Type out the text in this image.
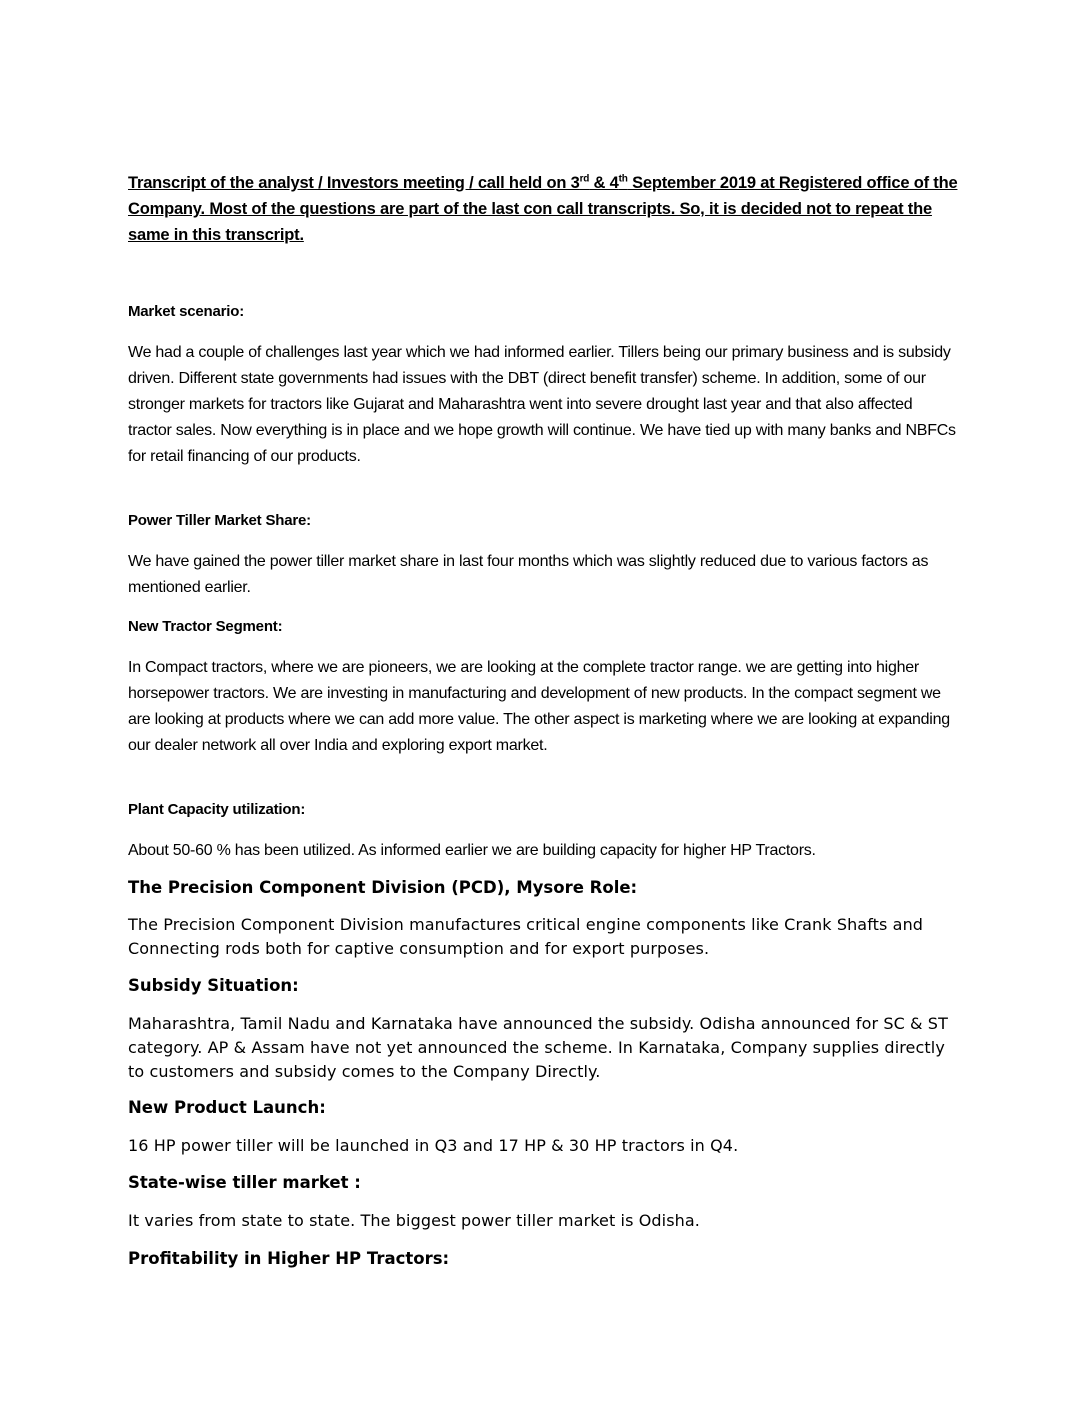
Transcript of the analyst / Investors meeting / call held on 3rd & 4th September 2019 at Registered office of the Company. Most of the questions are part of the last con call transcripts. So, it is decided not to repeat the same in this transcript.
Market scenario:
We had a couple of challenges last year which we had informed earlier. Tillers being our primary business and is subsidy driven. Different state governments had issues with the DBT (direct benefit transfer) scheme. In addition, some of our stronger markets for tractors like Gujarat and Maharashtra went into severe drought last year and that also affected tractor sales. Now everything is in place and we hope growth will continue. We have tied up with many banks and NBFCs for retail financing of our products.
Power Tiller Market Share:
We have gained the power tiller market share in last four months which was slightly reduced due to various factors as mentioned earlier.
New Tractor Segment:
In Compact tractors, where we are pioneers, we are looking at the complete tractor range. we are getting into higher horsepower tractors. We are investing in manufacturing and development of new products. In the compact segment we are looking at products where we can add more value. The other aspect is marketing where we are looking at expanding our dealer network all over India and exploring export market.
Plant Capacity utilization:
About 50-60 % has been utilized. As informed earlier we are building capacity for higher HP Tractors.
The Precision Component Division (PCD), Mysore Role:
The Precision Component Division manufactures critical engine components like Crank Shafts and Connecting rods both for captive consumption and for export purposes.
Subsidy Situation:
Maharashtra, Tamil Nadu and Karnataka have announced the subsidy. Odisha announced for SC & ST category. AP & Assam have not yet announced the scheme. In Karnataka, Company supplies directly to customers and subsidy comes to the Company Directly.
New Product Launch:
16 HP power tiller will be launched in Q3 and 17 HP & 30 HP tractors in Q4.
State-wise tiller market :
It varies from state to state. The biggest power tiller market is Odisha.
Profitability in Higher HP Tractors:
